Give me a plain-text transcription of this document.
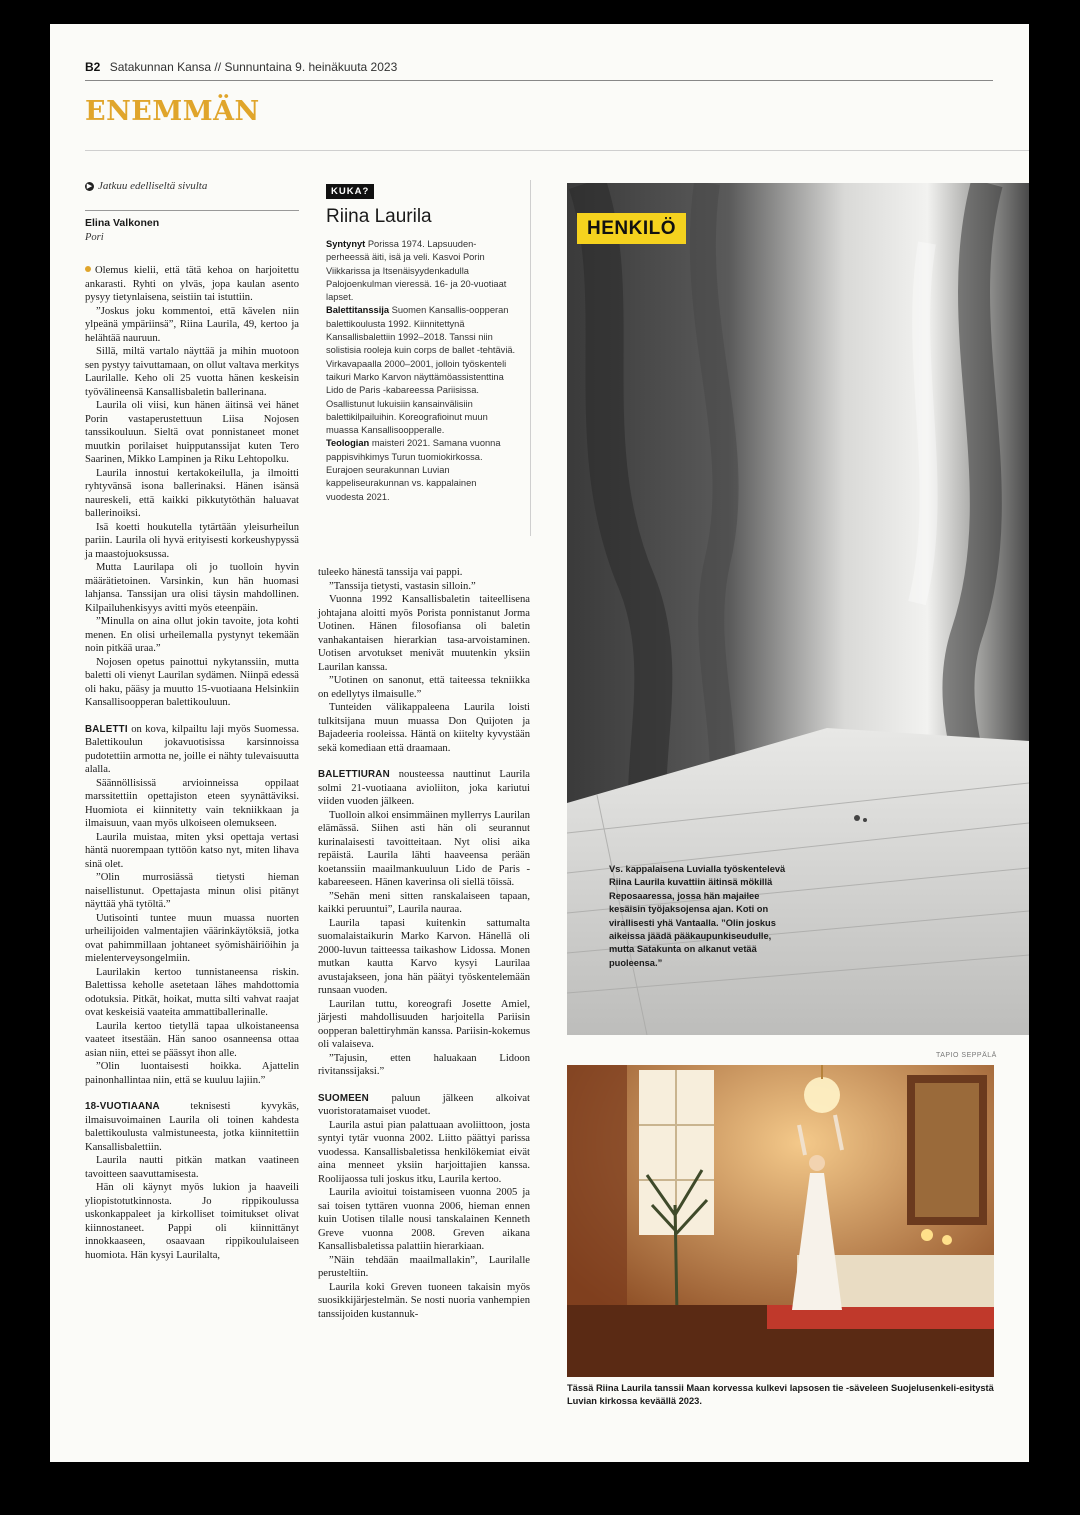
B2 Satakunnan Kansa // Sunnuntaina 9. heinäkuuta 2023
ENEMMÄN
▶ Jatkuu edelliseltä sivulta
Elina Valkonen
Pori

Olemus kielii, että tätä kehoa on harjoitettu ankarasti. Ryhti on ylväs, jopa kaulan asento pysyy tietynlaisena, seistiin tai istuttiin.

”Joskus joku kommentoi, että kävelen niin ylpeänä ympäriinsä”, Riina Laurila, 49, kertoo ja helähtää nauruun.

Sillä, miltä vartalo näyttää ja mihin muotoon sen pystyy taivuttamaan, on ollut valtava merkitys Laurilalle. Keho oli 25 vuotta hänen keskeisin työvälineensä Kansallisbaletin ballerinana.

Laurila oli viisi, kun hänen äitinsä vei hänet Porin vastaperustettuun Liisa Nojosen tanssikouluun. Sieltä ovat ponnistaneet monet muutkin porilaiset huipputanssijat kuten Tero Saarinen, Mikko Lampinen ja Riku Lehtopolku.

Laurila innostui kertakokeilulla, ja ilmoitti ryhtyvänsä isona ballerinaksi. Hänen isänsä naureskeli, että kaikki pikkutytöthän haluavat ballerinoiksi.

Isä koetti houkutella tytärtään yleisurheilun pariin. Laurila oli hyvä erityisesti korkeushypyssä ja maastojuoksussa.

Mutta Laurilapa oli jo tuolloin hyvin määrätietoinen. Varsinkin, kun hän huomasi lahjansa. Tanssijan ura olisi täysin mahdollinen. Kilpailuhenkisyys avitti myös eteenpäin.

”Minulla on aina ollut jokin tavoite, jota kohti menen. En olisi urheilemalla pystynyt tekemään noin pitkää uraa.”

Nojosen opetus painottui nykytanssiin, mutta baletti oli vienyt Laurilan sydämen. Niinpä edessä oli haku, pääsy ja muutto 15-vuotiaana Helsinkiin Kansallisoopperan balettikouluun.

BALETTI on kova, kilpailtu laji myös Suomessa. Balettikoulun jokavuotisissa karsinnoissa pudotettiin armotta ne, joille ei nähty tulevaisuutta alalla.

Säännöllisissä arvioinneissa oppilaat marssitettiin opettajiston eteen syynättäviksi. Huomiota ei kiinnitetty vain tekniikkaan ja ilmaisuun, vaan myös ulkoiseen olemukseen.

Laurila muistaa, miten yksi opettaja vertasi häntä nuorempaan tyttöön katso nyt, miten lihava sinä olet.

”Olin murrosiässä tietysti hieman naisellistunut. Opettajasta minun olisi pitänyt näyttää yhä tytöltä.”

Uutisointi tuntee muun muassa nuorten urheilijoiden valmentajien väärinkäytöksiä, jotka ovat pahimmillaan johtaneet syömishäiriöihin ja mielenterveysongelmiin.

Laurilakin kertoo tunnistaneensa riskin. Balettissa keholle asetetaan lähes mahdottomia odotuksia. Pitkät, hoikat, mutta silti vahvat raajat ovat keskeisiä vaateita ammattiballerinalle.

Laurila kertoo tietyllä tapaa ulkoistaneensa vaateet itsestään. Hän sanoo osanneensa ottaa asian niin, ettei se päässyt ihon alle.

”Olin luontaisesti hoikka. Ajattelin painonhallintaa niin, että se kuuluu lajiin.”

18-VUOTIAANA	teknisesti kyvykäs, ilmaisuvoimainen Laurila oli toinen kahdesta balettikoulusta valmistuneesta, jotka kiinnitettiin Kansallisbalettiin.

Laurila nautti pitkän matkan vaatineen tavoitteen saavuttamisesta.

Hän oli käynyt myös lukion ja haaveili yliopistotutkinnosta. Jo rippikoulussa uskonkappaleet ja kirkolliset toimitukset olivat kiinnostaneet. Pappi oli kiinnittänyt innokkaaseen, osaavaan rippikoululaiseen huomiota. Hän kysyi Laurilalta,

KUKA?
Riina Laurila
Syntynyt Porissa 1974. Lapsuuden-perheessä äiti, isä ja veli. Kasvoi Porin Viikkarissa ja Itsenäisyydenkadulla Palojoenkulman vieressä. 16- ja 20-vuotiaat lapset.
Balettitanssija Suomen Kansallis-oopperan balettikoulusta 1992. Kiinnitettynä Kansallisbalettiin 1992–2018. Tanssi niin solistisia rooleja kuin corps de ballet -tehtäviä. Virkavapaalla 2000–2001, jolloin työskenteli taikuri Marko Karvon näyttämöassistenttina Lido de Paris -kabareessa Pariisissa. Osallistunut lukuisiin kansainvälisiin balettikilpailuihin. Koreografioinut muun muassa Kansallisoopperalle.
Teologian maisteri 2021. Samana vuonna pappisvihkimys Turun tuomiokirkossa. Eurajoen seurakunnan Luvian kappeliseurakunnan vs. kappalainen vuodesta 2021.

tuleeko hänestä tanssija vai pappi.

”Tanssija tietysti, vastasin silloin.”

Vuonna 1992 Kansallisbaletin taiteellisena johtajana aloitti myös Porista ponnistanut Jorma Uotinen. Hänen filosofiansa oli baletin vanhakantaisen hierarkian tasa-arvoistaminen. Uotisen arvotukset menivät muutenkin yksiin Laurilan kanssa.

”Uotinen on sanonut, että taiteessa tekniikka on edellytys ilmaisulle.”

Tunteiden välikappaleena Laurila loisti tulkitsijana muun muassa Don Quijoten ja Bajadeeria rooleissa. Häntä on kiitelty kyvystään sekä komediaan että draamaan.

BALETTIURAN nousteessa nauttinut Laurila solmi 21-vuotiaana avioliiton, joka kariutui viiden vuoden jälkeen.

Tuolloin alkoi ensimmäinen myllerrys Laurilan elämässä. Siihen asti hän oli seurannut kurinalaisesti tavoitteitaan. Nyt olisi aika repäistä. Laurila lähti haaveensa perään koetanssiin maailmankuuluun Lido de Paris -kabareeseen. Hänen kaverinsa oli siellä töissä.

”Sehän meni sitten ranskalaiseen tapaan, kaikki peruuntui”, Laurila nauraa.

Laurila tapasi kuitenkin sattumalta suomalaistaikurin Marko Karvon. Hänellä oli 2000-luvun taitteessa taikashow Lidossa. Monen mutkan kautta Karvo kysyi Laurilaa avustajakseen, jona hän päätyi työskentelemään runsaan vuoden.

Laurilan tuttu, koreografi Josette Amiel, järjesti mahdollisuuden harjoitella Pariisin oopperan balettiryhmän kanssa. Pariisin-kokemus oli valaiseva.

”Tajusin, etten haluakaan Lidoon rivitanssijaksi.”

SUOMEEN paluun jälkeen alkoivat vuoristoratamaiset vuodet.

Laurila astui pian palattuaan avoliittoon, josta syntyi tytär vuonna 2002. Liitto päättyi parissa vuodessa. Kansallisbaletissa henkilökemiat eivät aina menneet yksiin harjoittajien kanssa. Roolijaossa tuli joskus itku, Laurila kertoo.

Laurila avioitui toistamiseen vuonna 2005 ja sai toisen tyttären vuonna 2006, hieman ennen kuin Uotisen tilalle nousi tanskalainen Kenneth Greve vuonna 2008. Greven aikana Kansallisbaletissa palattiin hierarkiaan.

”Näin tehdään maailmallakin”, Laurilalle perusteltiin.

Laurila koki Greven tuoneen takaisin myös suosikkijärjestelmän. Se nosti nuoria vanhempien tanssijoiden kustannuk-

HENKILÖ
Vs. kappalaisena Luvialla työskentelevä Riina Laurila kuvattiin äitinsä mökillä Reposaaressa, jossa hän majailee kesäisin työjaksojensa ajan. Koti on virallisesti yhä Vantaalla. ”Olin joskus aikeissa jäädä pääkaupunkiseudulle, mutta Satakunta on alkanut vetää puoleensa.”
TAPIO SEPPÄLÄ
Tässä Riina Laurila tanssii Maan korvessa kulkevi lapsosen tie -säveleen Suojelusenkeli-esitystä Luvian kirkossa keväällä 2023.
